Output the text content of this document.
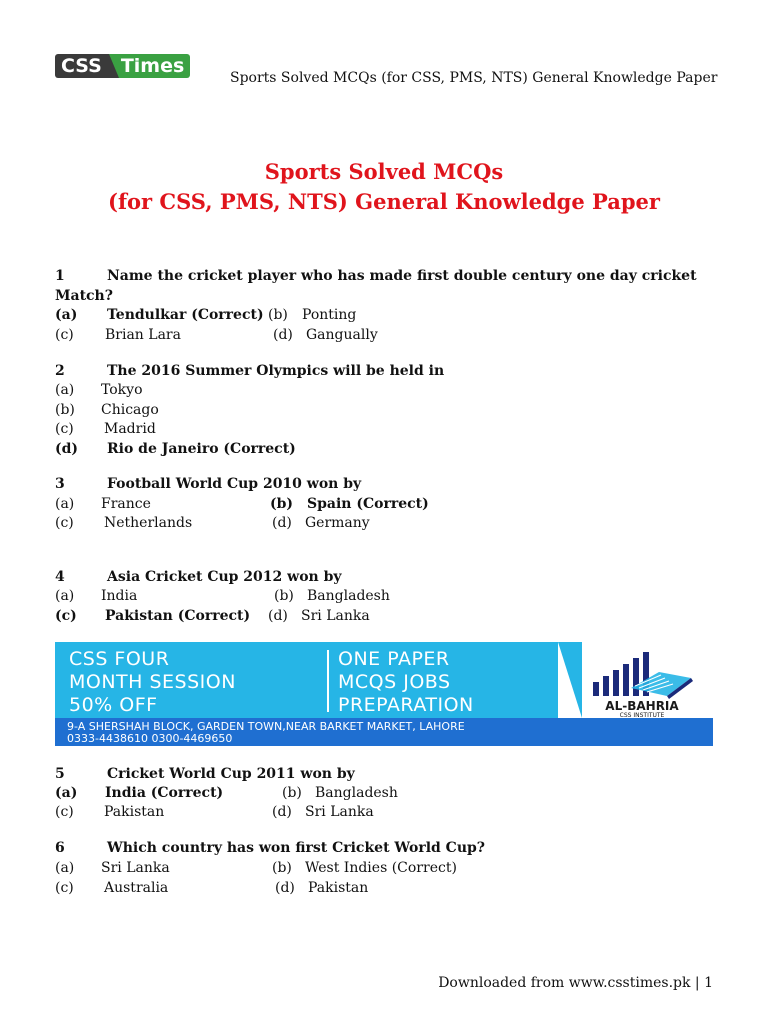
CSS	Times
Sports Solved MCQs (for CSS, PMS, NTS) General Knowledge Paper
Sports Solved MCQs
(for CSS, PMS, NTS) General Knowledge Paper
1	Name the cricket player who has made first double century one day cricket
Match?
(a) Tendulkar (Correct) (b) Ponting
(c) Brian Lara	(d) Gangually
2	The 2016 Summer Olympics will be held in
(a) Tokyo
(b) Chicago
(c) Madrid
(d) Rio de Janeiro (Correct)
3	Football World Cup 2010 won by
(a) France	(b) Spain (Correct)
(c) Netherlands	(d) Germany
4	Asia Cricket Cup 2012 won by
(a) India	(b) Bangladesh
(c) Pakistan (Correct) (d) Sri Lanka
CSS FOUR
MONTH SESSION
50% OFF
ONE PAPER
MCQS JOBS
PREPARATION
9-A SHERSHAH BLOCK, GARDEN TOWN,NEAR BARKET MARKET, LAHORE
0333-4438610 0300-4469650
AL-BAHRIA
CSS INSTITUTE
5	Cricket World Cup 2011 won by
(a) India (Correct)	(b) Bangladesh
(c) Pakistan	(d) Sri Lanka
6	Which country has won first Cricket World Cup?
(a) Sri Lanka	(b) West Indies (Correct)
(c) Australia	(d) Pakistan
Downloaded from www.csstimes.pk | 1
